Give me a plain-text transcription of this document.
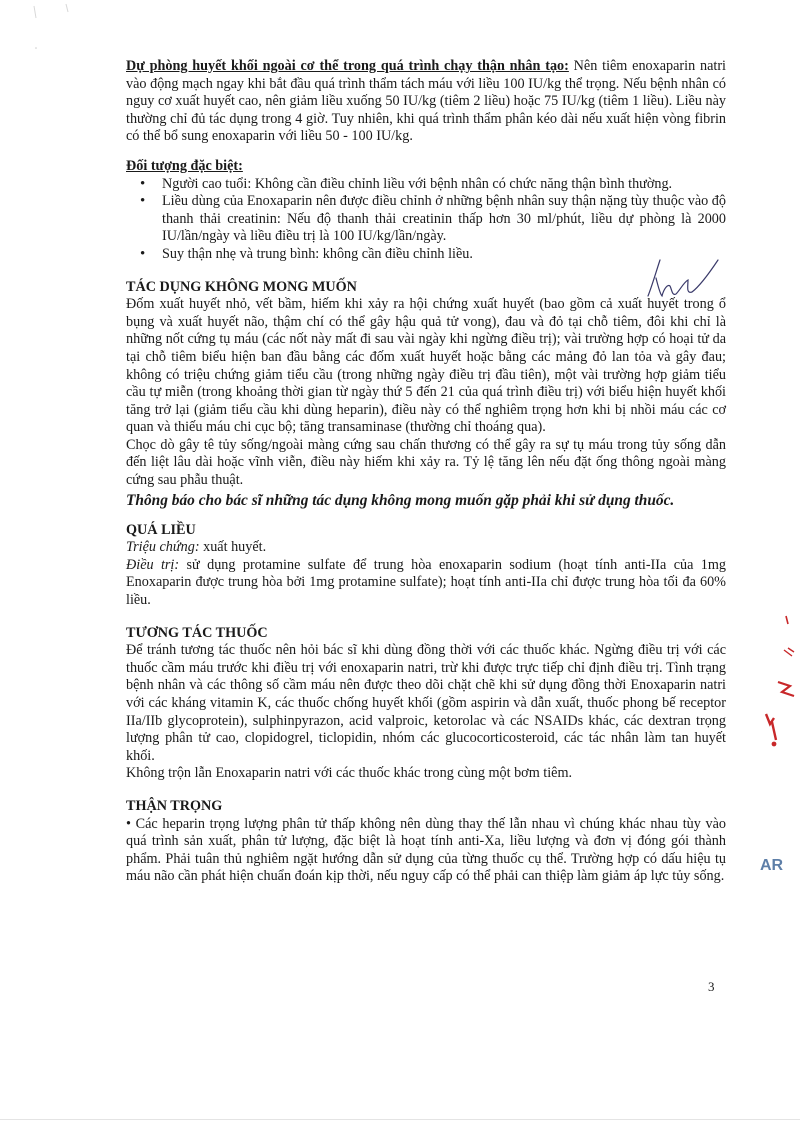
Dự phòng huyết khối ngoài cơ thể trong quá trình chạy thận nhân tạo: Nên tiêm enoxaparin natri vào động mạch ngay khi bắt đầu quá trình thẩm tách máu với liều 100 IU/kg thể trọng. Nếu bệnh nhân có nguy cơ xuất huyết cao, nên giảm liều xuống 50 IU/kg (tiêm 2 liều) hoặc 75 IU/kg (tiêm 1 liều). Liều này thường chỉ đủ tác dụng trong 4 giờ. Tuy nhiên, khi quá trình thẩm phân kéo dài nếu xuất hiện vòng fibrin có thể bổ sung enoxaparin với liều 50 - 100 IU/kg.

Đối tượng đặc biệt:

• Người cao tuổi: Không cần điều chỉnh liều với bệnh nhân có chức năng thận bình thường.
• Liều dùng của Enoxaparin nên được điều chỉnh ở những bệnh nhân suy thận nặng tùy thuộc vào độ thanh thải creatinin: Nếu độ thanh thải creatinin thấp hơn 30 ml/phút, liều dự phòng là 2000 IU/lần/ngày và liều điều trị là 100 IU/kg/lần/ngày.
• Suy thận nhẹ và trung bình: không cần điều chỉnh liều.

TÁC DỤNG KHÔNG MONG MUỐN

Đốm xuất huyết nhỏ, vết bầm, hiếm khi xảy ra hội chứng xuất huyết (bao gồm cả xuất huyết trong ổ bụng và xuất huyết não, thậm chí có thể gây hậu quả tử vong), đau và đỏ tại chỗ tiêm, đôi khi chỉ là những nốt cứng tụ máu (các nốt này mất đi sau vài ngày khi ngừng điều trị); vài trường hợp có hoại tử da tại chỗ tiêm biểu hiện ban đầu bằng các đốm xuất huyết hoặc bằng các mảng đỏ lan tỏa và gây đau; không có triệu chứng giảm tiểu cầu (trong những ngày điều trị đầu tiên), một vài trường hợp giảm tiểu cầu tự miễn (trong khoảng thời gian từ ngày thứ 5 đến 21 của quá trình điều trị) với biểu hiện huyết khối tăng trở lại (giảm tiểu cầu khi dùng heparin), điều này có thể nghiêm trọng hơn khi bị nhồi máu các cơ quan và thiếu máu chi cục bộ; tăng transaminase (thường chỉ thoáng qua).

Chọc dò gây tê tủy sống/ngoài màng cứng sau chấn thương có thể gây ra sự tụ máu trong tủy sống dẫn đến liệt lâu dài hoặc vĩnh viễn, điều này hiếm khi xảy ra. Tỷ lệ tăng lên nếu đặt ống thông ngoài màng cứng sau phẫu thuật.

Thông báo cho bác sĩ những tác dụng không mong muốn gặp phải khi sử dụng thuốc.

QUÁ LIỀU

Triệu chứng: xuất huyết.

Điều trị: sử dụng protamine sulfate để trung hòa enoxaparin sodium (hoạt tính anti-IIa của 1mg Enoxaparin được trung hòa bởi 1mg protamine sulfate); hoạt tính anti-IIa chỉ được trung hòa tối đa 60% liều.

TƯƠNG TÁC THUỐC

Để tránh tương tác thuốc nên hỏi bác sĩ khi dùng đồng thời với các thuốc khác. Ngừng điều trị với các thuốc cầm máu trước khi điều trị với enoxaparin natri, trừ khi được trực tiếp chỉ định điều trị. Tình trạng bệnh nhân và các thông số cầm máu nên được theo dõi chặt chẽ khi sử dụng đồng thời Enoxaparin natri với các kháng vitamin K, các thuốc chống huyết khối (gồm aspirin và dẫn xuất, thuốc phong bế receptor IIa/IIb glycoprotein), sulphinpyrazon, acid valproic, ketorolac và các NSAIDs khác, các dextran trọng lượng phân tử cao, clopidogrel, ticlopidin, nhóm các glucocorticosteroid, các tác nhân làm tan huyết khối.

Không trộn lẫn Enoxaparin natri với các thuốc khác trong cùng một bơm tiêm.

THẬN TRỌNG

• Các heparin trọng lượng phân tử thấp không nên dùng thay thế lẫn nhau vì chúng khác nhau tùy vào quá trình sản xuất, phân tử lượng, đặc biệt là hoạt tính anti-Xa, liều lượng và đơn vị đóng gói thành phẩm. Phải tuân thủ nghiêm ngặt hướng dẫn sử dụng của từng thuốc cụ thể. Trường hợp có dấu hiệu tụ máu não cần phát hiện chuẩn đoán kịp thời, nếu nguy cấp có thể phải can thiệp làm giảm áp lực tủy sống.

AR
3
